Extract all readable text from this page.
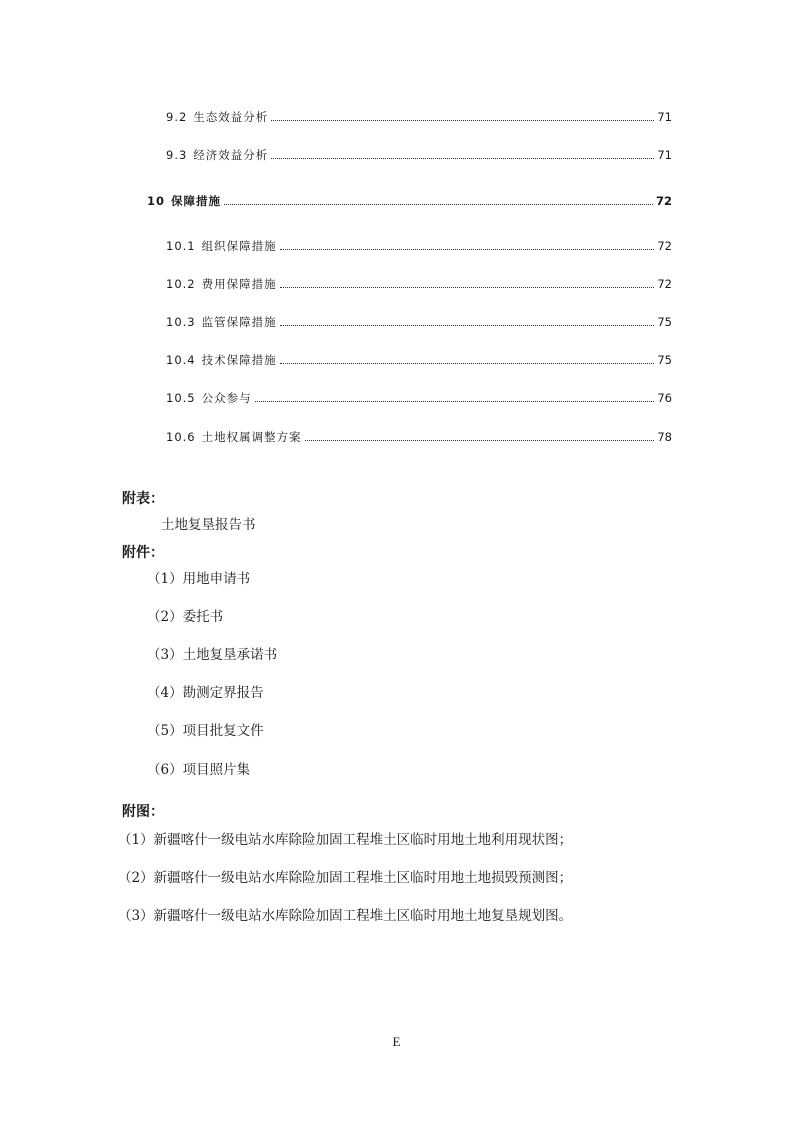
9.2 生态效益分析	71
9.3 经济效益分析	71
10 保障措施	72
10.1 组织保障措施	72
10.2 费用保障措施	72
10.3 监管保障措施	75
10.4 技术保障措施	75
10.5 公众参与	76
10.6 土地权属调整方案	78
附表：
土地复垦报告书
附件：
（1）用地申请书
（2）委托书
（3）土地复垦承诺书
（4）勘测定界报告
（5）项目批复文件
（6）项目照片集
附图：
（1）新疆喀什一级电站水库除险加固工程堆土区临时用地土地利用现状图；
（2）新疆喀什一级电站水库除险加固工程堆土区临时用地土地损毁预测图；
（3）新疆喀什一级电站水库除险加固工程堆土区临时用地土地复垦规划图。
E
